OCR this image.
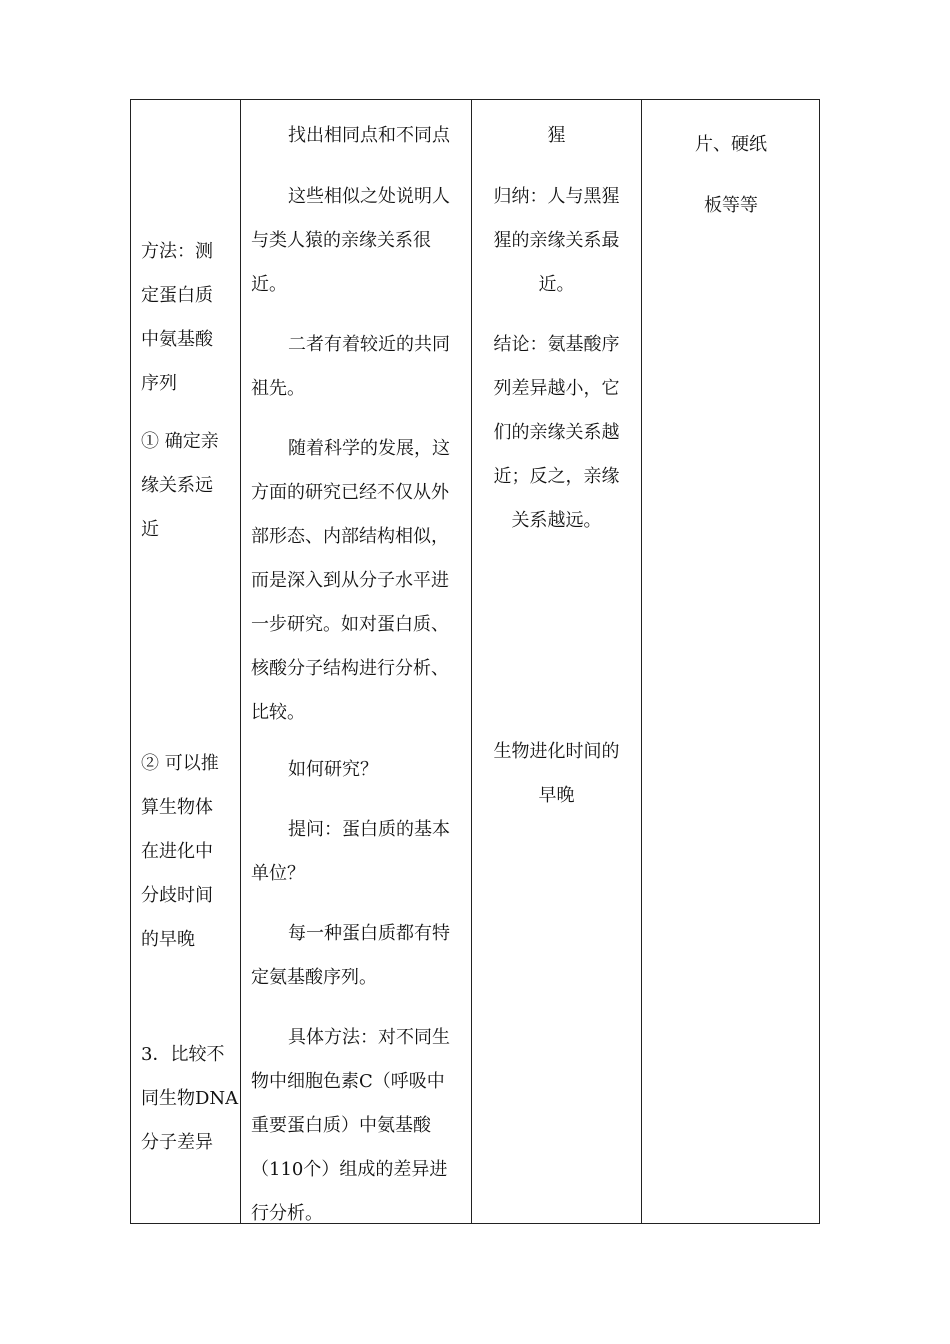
方法：测
定蛋白质
中氨基酸
序列
① 确定亲
缘关系远
近
② 可以推
算生物体
在进化中
分歧时间
的早晚
3．比较不
同生物DNA
分子差异
找出相同点和不同点
这些相似之处说明人
与类人猿的亲缘关系很
近。
二者有着较近的共同
祖先。
随着科学的发展，这
方面的研究已经不仅从外
部形态、内部结构相似，
而是深入到从分子水平进
一步研究。如对蛋白质、
核酸分子结构进行分析、
比较。
如何研究？
提问：蛋白质的基本
单位？
每一种蛋白质都有特
定氨基酸序列。
具体方法：对不同生
物中细胞色素C（呼吸中
重要蛋白质）中氨基酸
（110个）组成的差异进
行分析。
猩
归纳：人与黑猩
猩的亲缘关系最
近。
结论：氨基酸序
列差异越小，它
们的亲缘关系越
近；反之，亲缘
关系越远。
生物进化时间的
早晚
片、硬纸
板等等
